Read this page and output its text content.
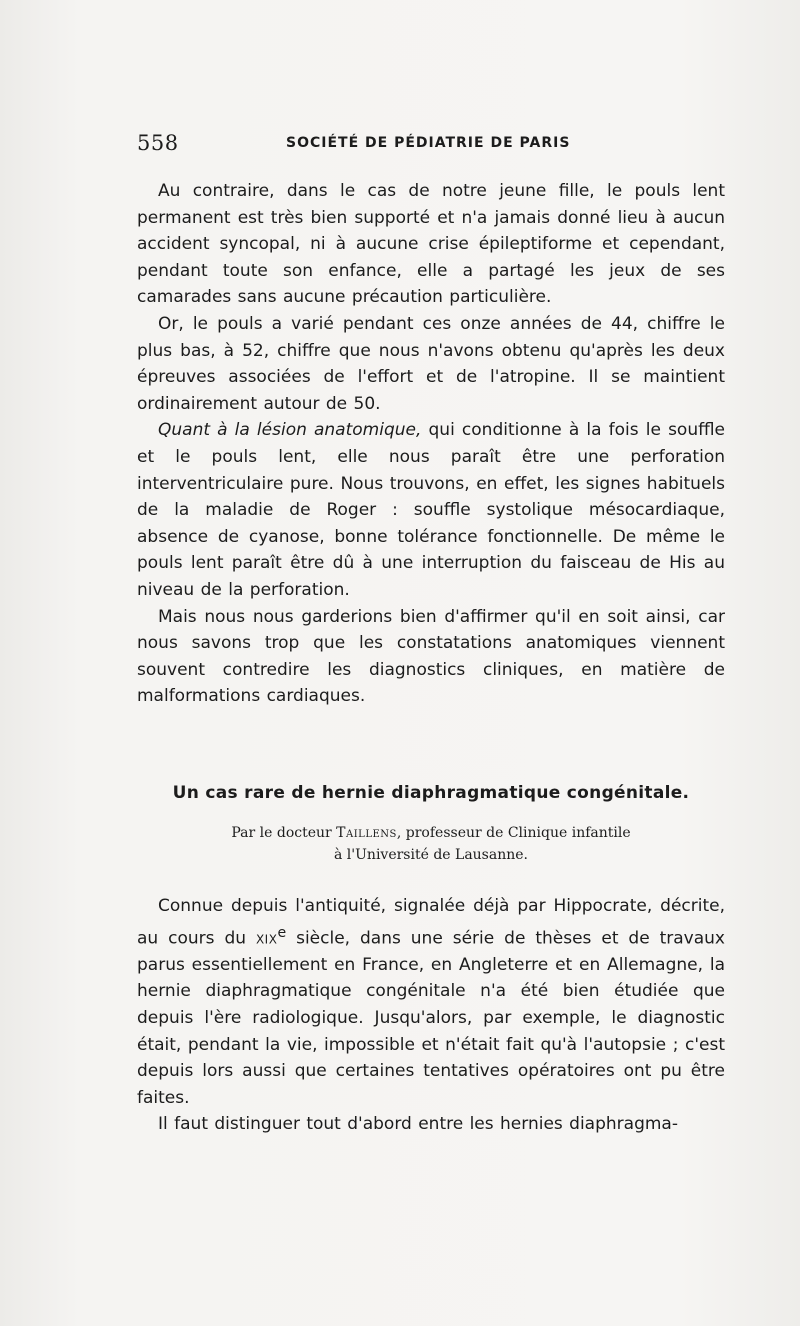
558	SOCIÉTÉ DE PÉDIATRIE DE PARIS

Au contraire, dans le cas de notre jeune fille, le pouls lent permanent est très bien supporté et n'a jamais donné lieu à aucun accident syncopal, ni à aucune crise épileptiforme et cependant, pendant toute son enfance, elle a partagé les jeux de ses camarades sans aucune précaution particulière.

Or, le pouls a varié pendant ces onze années de 44, chiffre le plus bas, à 52, chiffre que nous n'avons obtenu qu'après les deux épreuves associées de l'effort et de l'atropine. Il se maintient ordinairement autour de 50.

Quant à la lésion anatomique, qui conditionne à la fois le souffle et le pouls lent, elle nous paraît être une perforation interventriculaire pure. Nous trouvons, en effet, les signes habituels de la maladie de Roger : souffle systolique mésocardiaque, absence de cyanose, bonne tolérance fonctionnelle. De même le pouls lent paraît être dû à une interruption du faisceau de His au niveau de la perforation.

Mais nous nous garderions bien d'affirmer qu'il en soit ainsi, car nous savons trop que les constatations anatomiques viennent souvent contredire les diagnostics cliniques, en matière de malformations cardiaques.

Un cas rare de hernie diaphragmatique congénitale.
Par le docteur Taillens, professeur de Clinique infantile
à l'Université de Lausanne.

Connue depuis l'antiquité, signalée déjà par Hippocrate, décrite, au cours du xix$^e$ siècle, dans une série de thèses et de travaux parus essentiellement en France, en Angleterre et en Allemagne, la hernie diaphragmatique congénitale n'a été bien étudiée que depuis l'ère radiologique. Jusqu'alors, par exemple, le diagnostic était, pendant la vie, impossible et n'était fait qu'à l'autopsie ; c'est depuis lors aussi que certaines tentatives opératoires ont pu être faites.

Il faut distinguer tout d'abord entre les hernies diaphragma-
